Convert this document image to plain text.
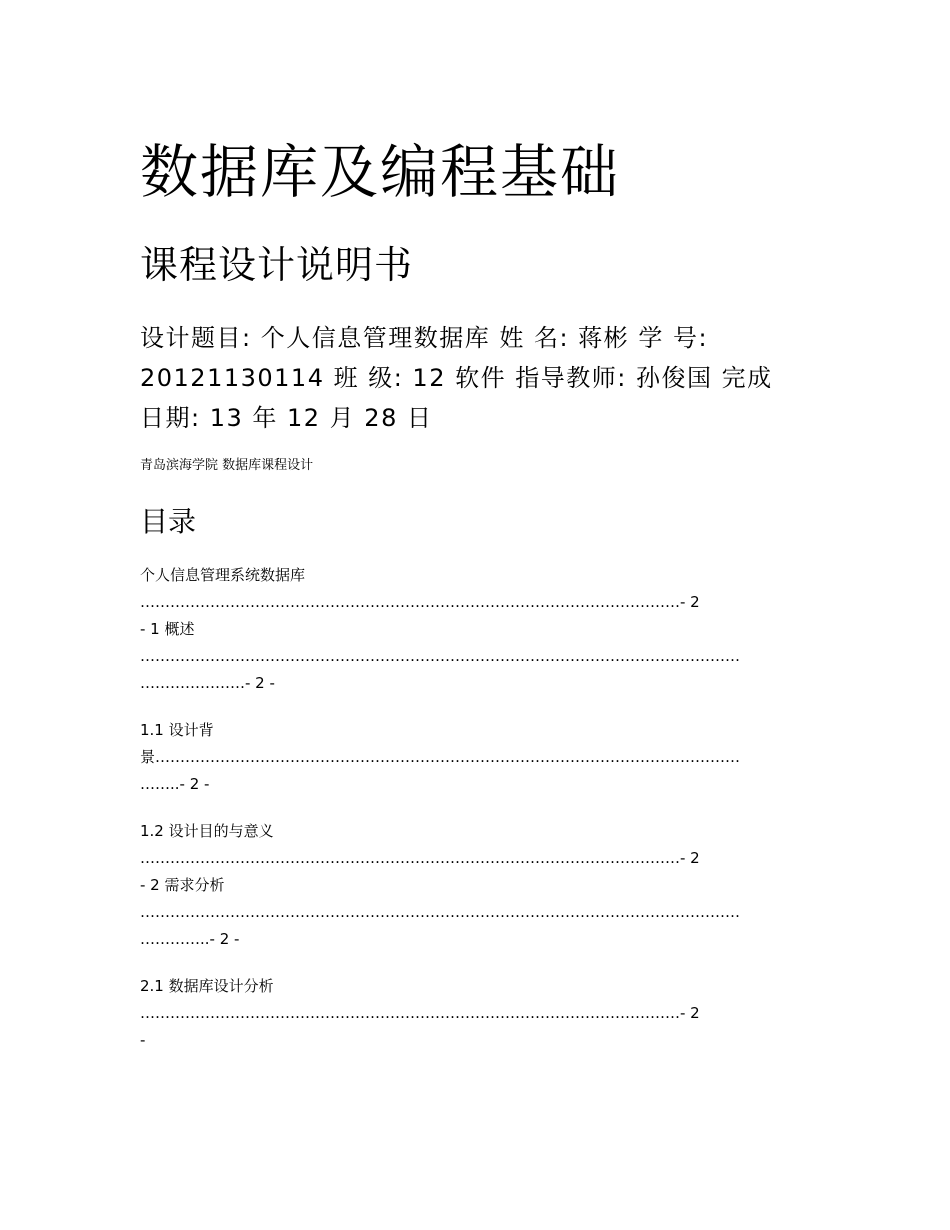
数据库及编程基础
课程设计说明书
设计题目: 个人信息管理数据库 姓 名: 蒋彬 学 号:
20121130114 班 级: 12 软件 指导教师: 孙俊国 完成
日期: 13 年 12 月 28 日
青岛滨海学院 数据库课程设计
目录
个人信息管理系统数据库
………………………………………………………………………………………………- 2
- 1 概述
…………………………………………………………………………………………………………
…………………- 2 -
1.1 设计背
景………………………………………………………………………………………………………
……..- 2 -
1.2 设计目的与意义
………………………………………………………………………………………………- 2
- 2 需求分析
…………………………………………………………………………………………………………
…………..- 2 -
2.1 数据库设计分析
………………………………………………………………………………………………- 2
-
